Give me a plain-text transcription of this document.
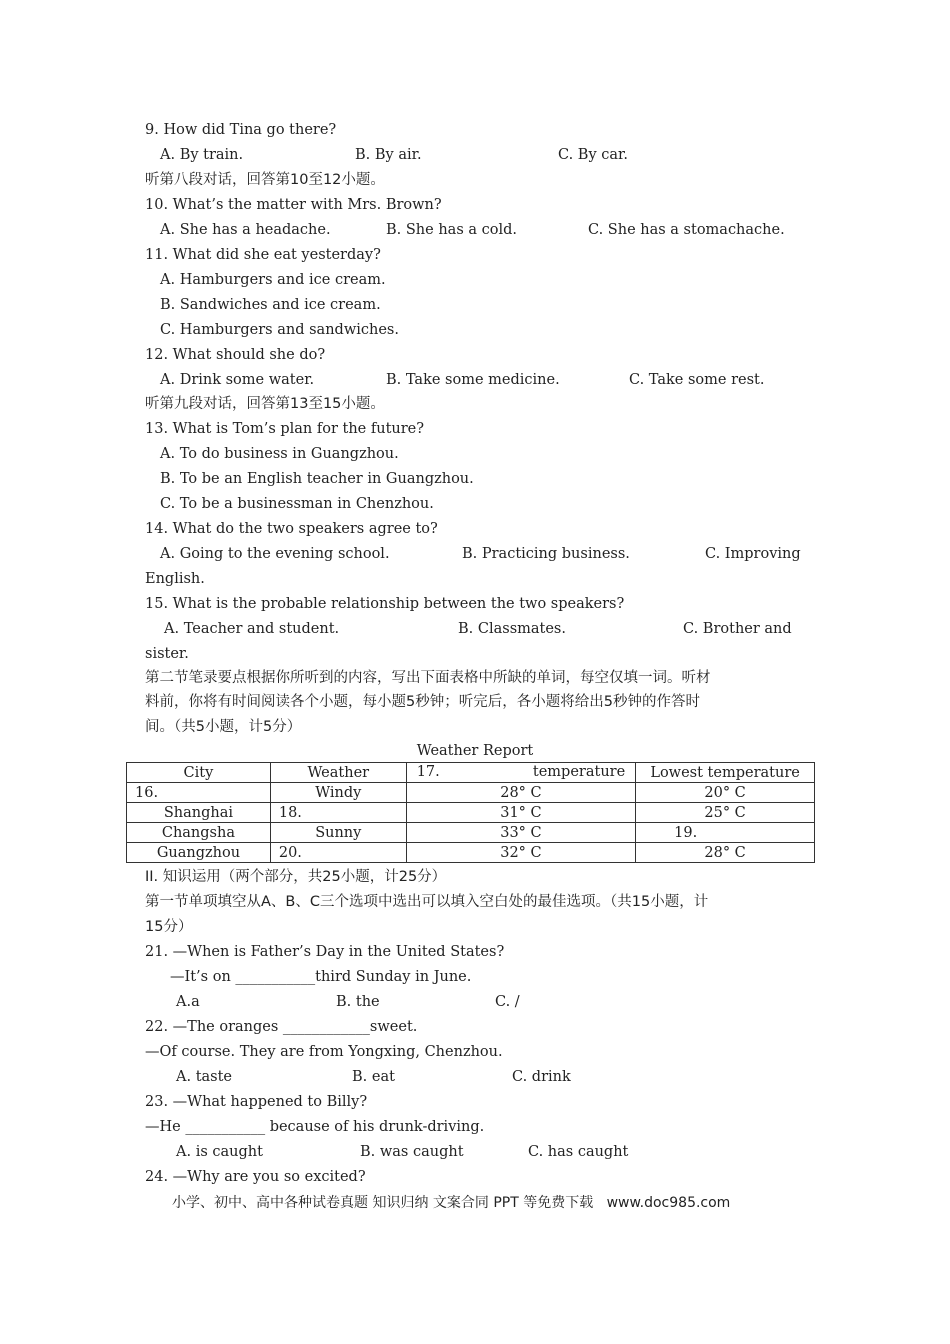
9. How did Tina go there?
A. By train.	B. By air.	C. By car.
听第八段对话，回答第10至12小题。
10. What’s the matter with Mrs. Brown?
A. She has a headache.	B. She has a cold.	C. She has a stomachache.
11. What did she eat yesterday?
A. Hamburgers and ice cream.
B. Sandwiches and ice cream.
C. Hamburgers and sandwiches.
12. What should she do?
A. Drink some water.	B. Take some medicine.	C. Take some rest.
听第九段对话，回答第13至15小题。
13. What is Tom’s plan for the future?
A. To do business in Guangzhou.
B. To be an English teacher in Guangzhou.
C. To be a businessman in Chenzhou.
14. What do the two speakers agree to?
A. Going to the evening school.	B. Practicing business.	C. Improving
English.
15. What is the probable relationship between the two speakers?
A. Teacher and student.	B. Classmates.	C. Brother and
sister.
第二节笔录要点根据你所听到的内容，写出下面表格中所缺的单词，每空仅填一词。听材
料前，你将有时间阅读各个小题，每小题5秒钟；听完后，各小题将给出5秒钟的作答时
间。（共5小题，计5分）
Weather Report
City	Weather	17. temperature	Lowest temperature
16.	Windy	28° C	20° C
Shanghai	18.	31° C	25° C
Changsha	Sunny	33° C	19.
Guangzhou	20.	32° C	28° C
II. 知识运用（两个部分，共25小题，计25分）
第一节单项填空从A、B、C三个选项中选出可以填入空白处的最佳选项。（共15小题，计
15分）
21. —When is Father’s Day in the United States?
—It’s on ___________third Sunday in June.
A.a	B. the	C. /
22. —The oranges ____________sweet.
—Of course. They are from Yongxing, Chenzhou.
A. taste	B. eat	C. drink
23. —What happened to Billy?
—He ___________ because of his drunk-driving.
A. is caught	B. was caught	C. has caught
24. —Why are you so excited?
小学、初中、高中各种试卷真题 知识归纳 文案合同 PPT 等免费下载   www.doc985.com
